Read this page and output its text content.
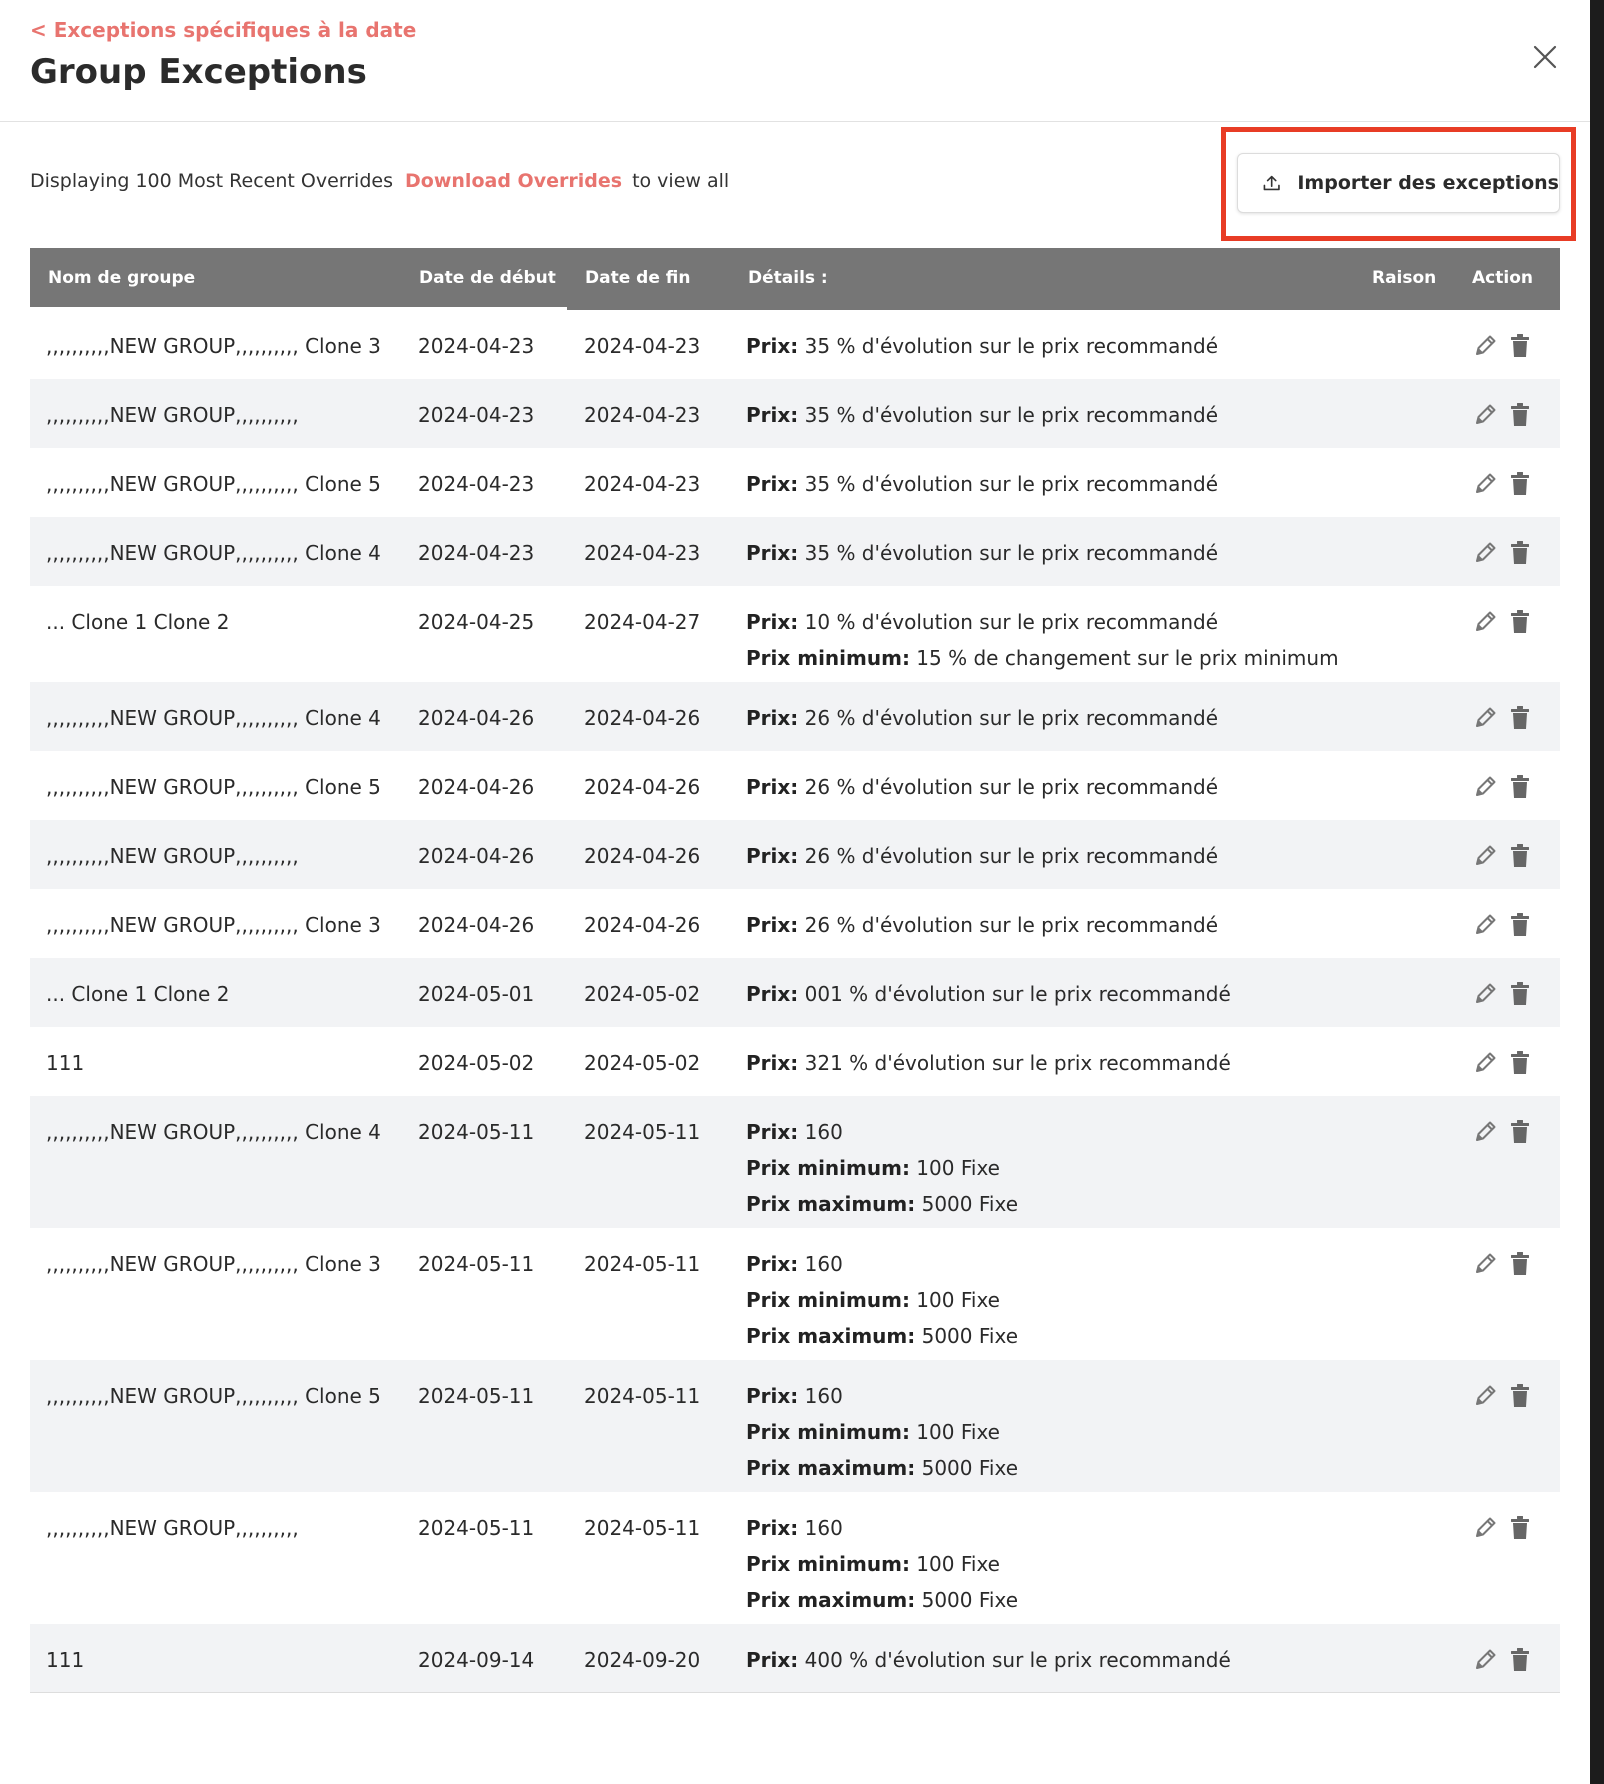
< Exceptions spécifiques à la date
Group Exceptions
Displaying 100 Most Recent Overrides Download Overrides to view all	Importer des exceptions
Nom de groupe	Date de début	Date de fin	Détails :	Raison Action
,,,,,,,,,,NEW GROUP,,,,,,,,,, Clone 3 2024-04-23 2024-04-23 Prix: 35 % d'évolution sur le prix recommandé
,,,,,,,,,,NEW GROUP,,,,,,,,,,	2024-04-23 2024-04-23 Prix: 35 % d'évolution sur le prix recommandé
,,,,,,,,,,NEW GROUP,,,,,,,,,, Clone 5 2024-04-23 2024-04-23 Prix: 35 % d'évolution sur le prix recommandé
,,,,,,,,,,NEW GROUP,,,,,,,,,, Clone 4 2024-04-23 2024-04-23 Prix: 35 % d'évolution sur le prix recommandé
... Clone 1 Clone 2	2024-04-25 2024-04-27 Prix: 10 % d'évolution sur le prix recommandé
Prix minimum: 15 % de changement sur le prix minimum
,,,,,,,,,,NEW GROUP,,,,,,,,,, Clone 4 2024-04-26 2024-04-26 Prix: 26 % d'évolution sur le prix recommandé
,,,,,,,,,,NEW GROUP,,,,,,,,,, Clone 5 2024-04-26 2024-04-26 Prix: 26 % d'évolution sur le prix recommandé
,,,,,,,,,,NEW GROUP,,,,,,,,,,	2024-04-26 2024-04-26 Prix: 26 % d'évolution sur le prix recommandé
,,,,,,,,,,NEW GROUP,,,,,,,,,, Clone 3 2024-04-26 2024-04-26 Prix: 26 % d'évolution sur le prix recommandé
... Clone 1 Clone 2	2024-05-01 2024-05-02 Prix: 001 % d'évolution sur le prix recommandé
111	2024-05-02 2024-05-02 Prix: 321 % d'évolution sur le prix recommandé
,,,,,,,,,,NEW GROUP,,,,,,,,,, Clone 4 2024-05-11 2024-05-11 Prix: 160
Prix minimum: 100 Fixe
Prix maximum: 5000 Fixe
,,,,,,,,,,NEW GROUP,,,,,,,,,, Clone 3 2024-05-11 2024-05-11 Prix: 160
Prix minimum: 100 Fixe
Prix maximum: 5000 Fixe
,,,,,,,,,,NEW GROUP,,,,,,,,,, Clone 5 2024-05-11 2024-05-11 Prix: 160
Prix minimum: 100 Fixe
Prix maximum: 5000 Fixe
,,,,,,,,,,NEW GROUP,,,,,,,,,,	2024-05-11 2024-05-11 Prix: 160
Prix minimum: 100 Fixe
Prix maximum: 5000 Fixe
111	2024-09-14 2024-09-20 Prix: 400 % d'évolution sur le prix recommandé
